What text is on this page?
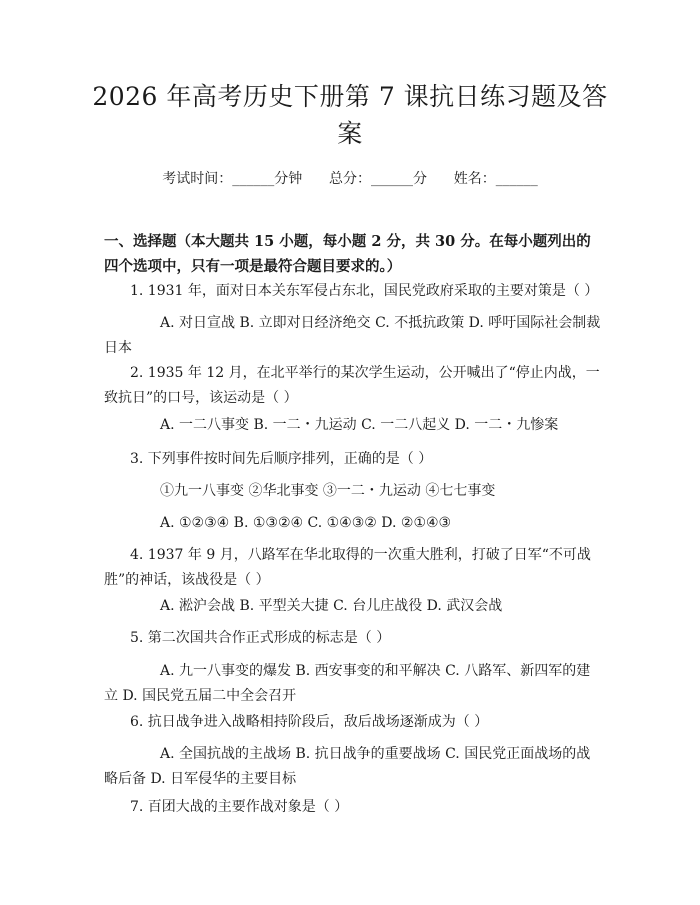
2026 年高考历史下册第 7 课抗日练习题及答
案
考试时间：______分钟      总分：______分      姓名：______
一、选择题（本大题共 15 小题，每小题 2 分，共 30 分。在每小题列出的四个选项中，只有一项是最符合题目要求的。）
1. 1931 年，面对日本关东军侵占东北，国民党政府采取的主要对策是（ ）
A. 对日宣战 B. 立即对日经济绝交 C. 不抵抗政策 D. 呼吁国际社会制裁日本
2. 1935 年 12 月，在北平举行的某次学生运动，公开喊出了“停止内战，一致抗日”的口号，该运动是（ ）
A. 一二八事变 B. 一二・九运动 C. 一二八起义 D. 一二・九惨案
3. 下列事件按时间先后顺序排列，正确的是（ ）
①九一八事变 ②华北事变 ③一二・九运动 ④七七事变
A. ①②③④ B. ①③②④ C. ①④③② D. ②①④③
4. 1937 年 9 月，八路军在华北取得的一次重大胜利，打破了日军“不可战胜”的神话，该战役是（ ）
A. 淞沪会战 B. 平型关大捷 C. 台儿庄战役 D. 武汉会战
5. 第二次国共合作正式形成的标志是（ ）
A. 九一八事变的爆发 B. 西安事变的和平解决 C. 八路军、新四军的建立 D. 国民党五届二中全会召开
6. 抗日战争进入战略相持阶段后，敌后战场逐渐成为（ ）
A. 全国抗战的主战场 B. 抗日战争的重要战场 C. 国民党正面战场的战略后备 D. 日军侵华的主要目标
7. 百团大战的主要作战对象是（ ）
